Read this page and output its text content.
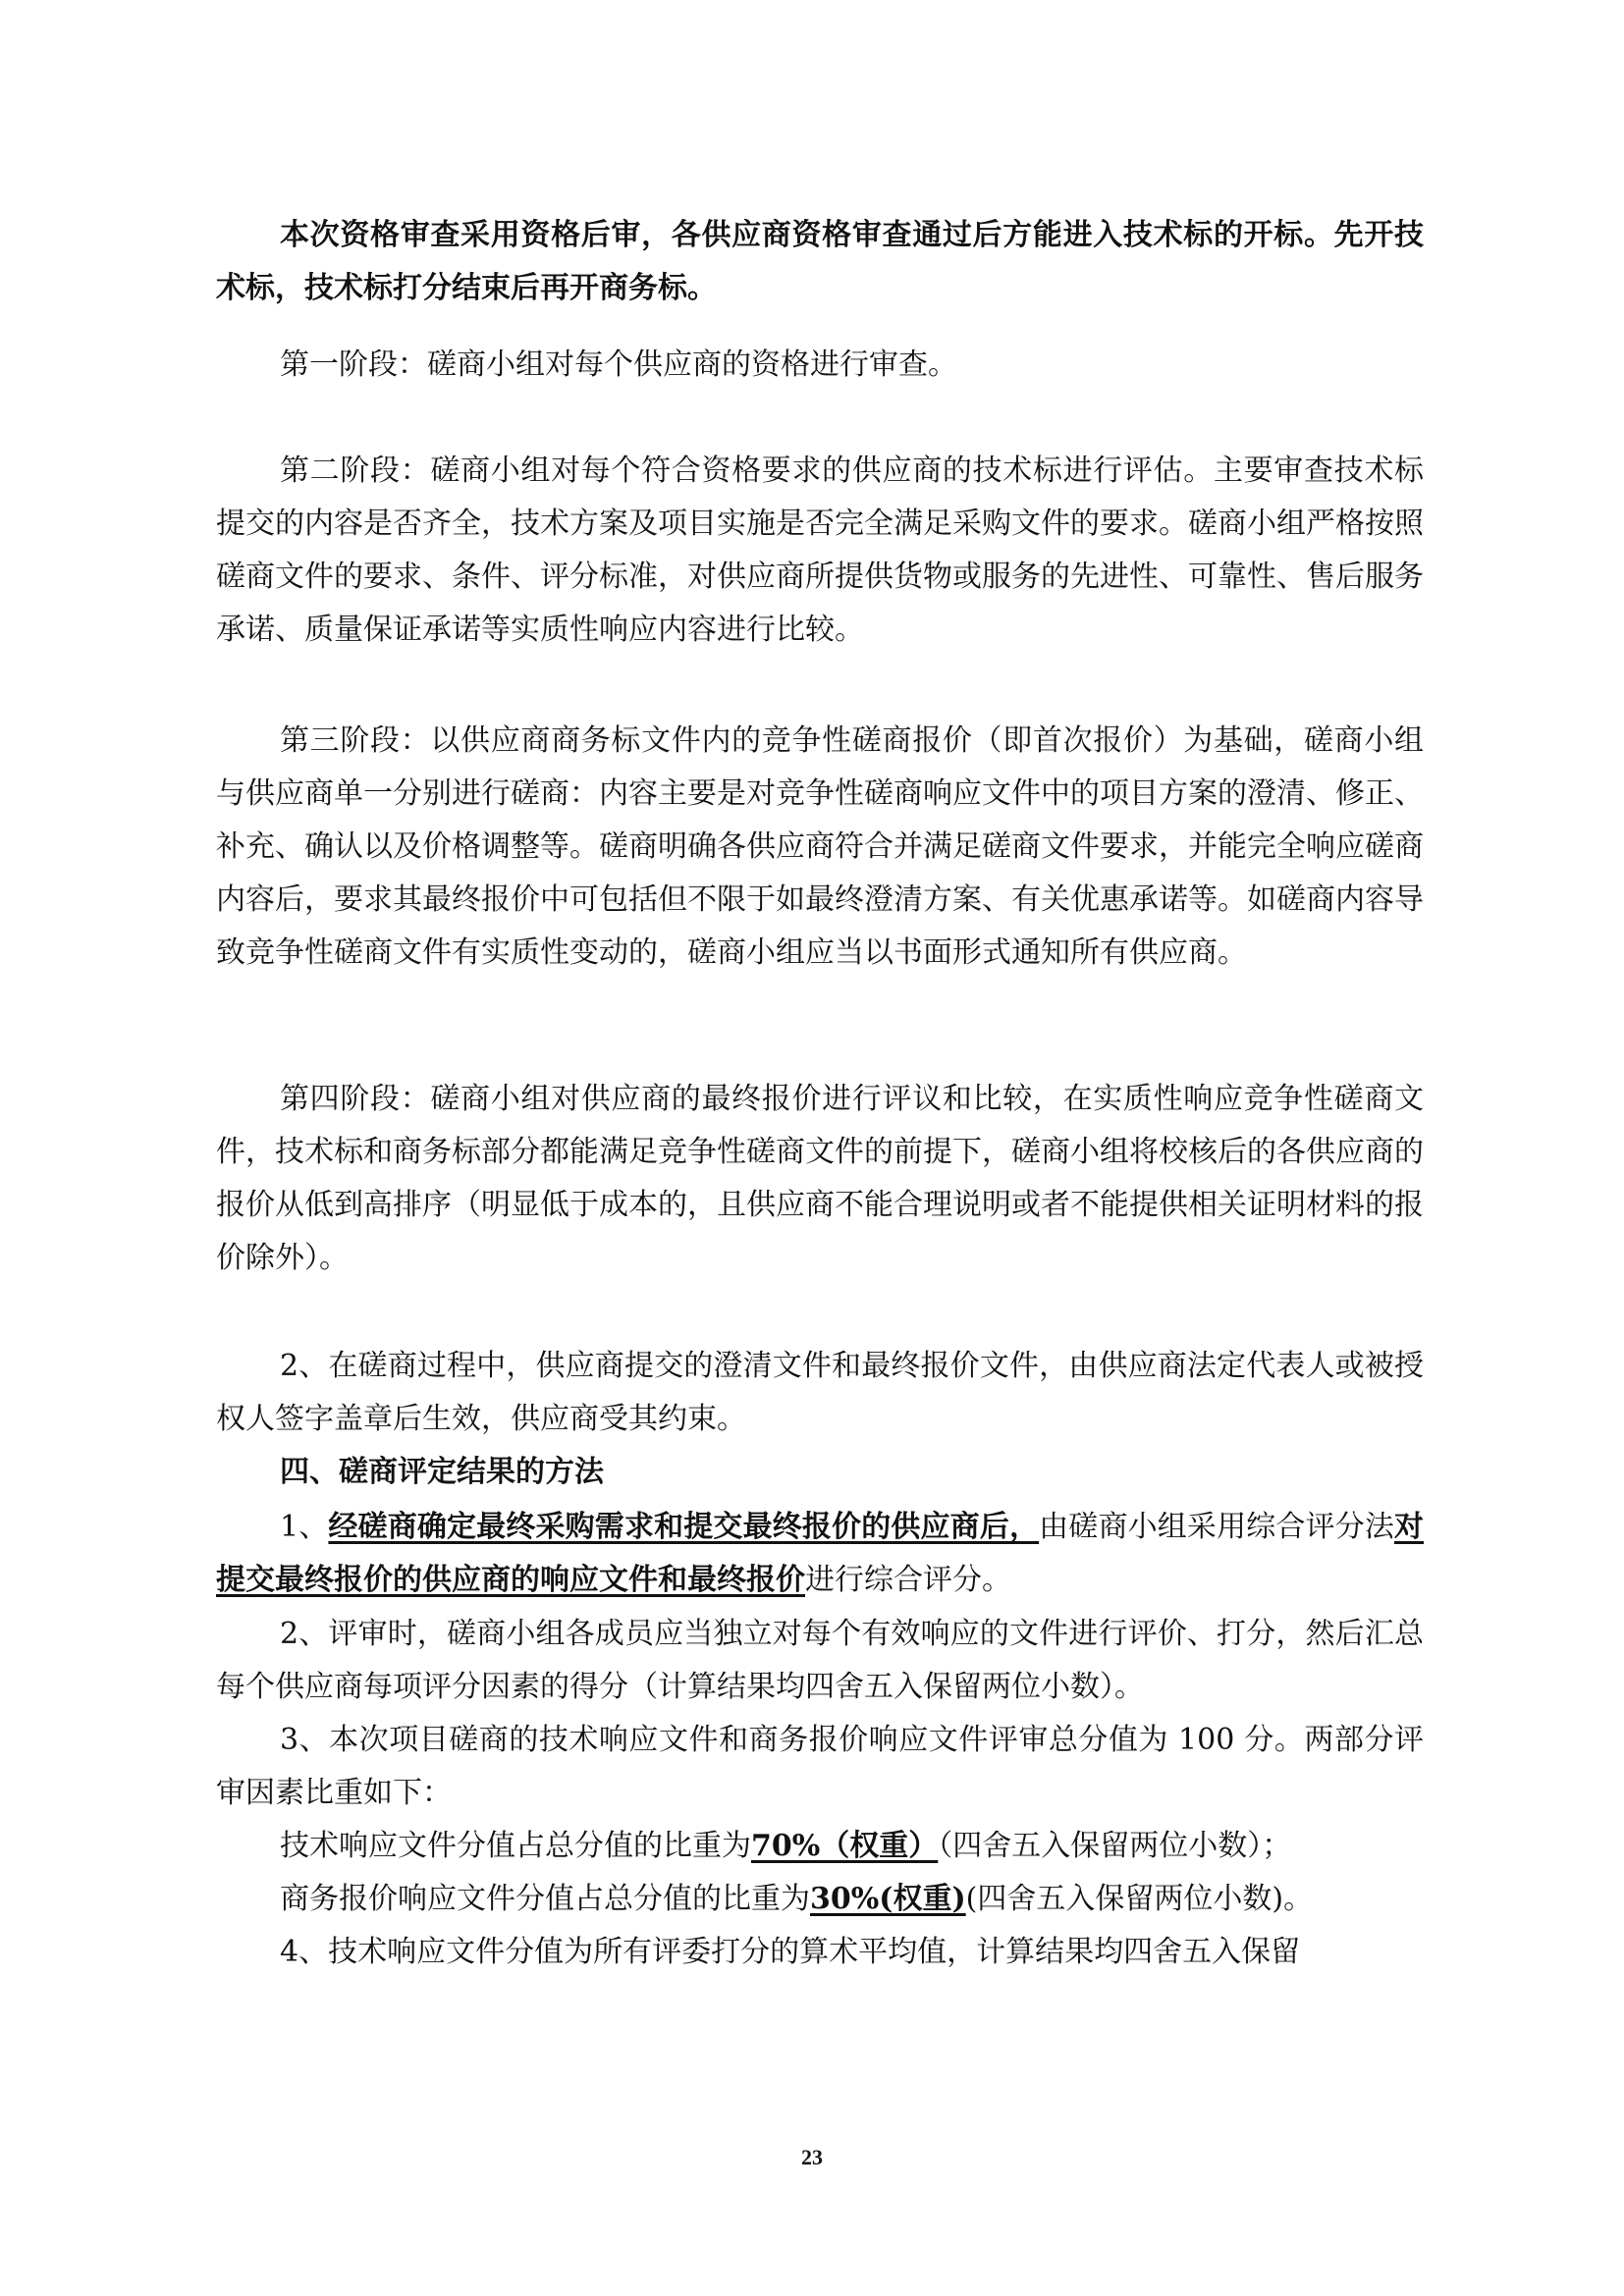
本次资格审查采用资格后审，各供应商资格审查通过后方能进入技术标的开标。先开技术标，技术标打分结束后再开商务标。

第一阶段：磋商小组对每个供应商的资格进行审查。

第二阶段：磋商小组对每个符合资格要求的供应商的技术标进行评估。主要审查技术标提交的内容是否齐全，技术方案及项目实施是否完全满足采购文件的要求。磋商小组严格按照磋商文件的要求、条件、评分标准，对供应商所提供货物或服务的先进性、可靠性、售后服务承诺、质量保证承诺等实质性响应内容进行比较。

第三阶段：以供应商商务标文件内的竞争性磋商报价（即首次报价）为基础，磋商小组与供应商单一分别进行磋商：内容主要是对竞争性磋商响应文件中的项目方案的澄清、修正、补充、确认以及价格调整等。磋商明确各供应商符合并满足磋商文件要求，并能完全响应磋商内容后，要求其最终报价中可包括但不限于如最终澄清方案、有关优惠承诺等。如磋商内容导致竞争性磋商文件有实质性变动的，磋商小组应当以书面形式通知所有供应商。

第四阶段：磋商小组对供应商的最终报价进行评议和比较，在实质性响应竞争性磋商文件，技术标和商务标部分都能满足竞争性磋商文件的前提下，磋商小组将校核后的各供应商的报价从低到高排序（明显低于成本的，且供应商不能合理说明或者不能提供相关证明材料的报价除外）。

2、在磋商过程中，供应商提交的澄清文件和最终报价文件，由供应商法定代表人或被授权人签字盖章后生效，供应商受其约束。

四、磋商评定结果的方法

1、经磋商确定最终采购需求和提交最终报价的供应商后，由磋商小组采用综合评分法对提交最终报价的供应商的响应文件和最终报价进行综合评分。

2、评审时，磋商小组各成员应当独立对每个有效响应的文件进行评价、打分，然后汇总每个供应商每项评分因素的得分（计算结果均四舍五入保留两位小数）。

3、本次项目磋商的技术响应文件和商务报价响应文件评审总分值为 100 分。两部分评审因素比重如下：

技术响应文件分值占总分值的比重为70%（权重）（四舍五入保留两位小数）；

商务报价响应文件分值占总分值的比重为30%(权重)(四舍五入保留两位小数)。

4、技术响应文件分值为所有评委打分的算术平均值，计算结果均四舍五入保留

23
